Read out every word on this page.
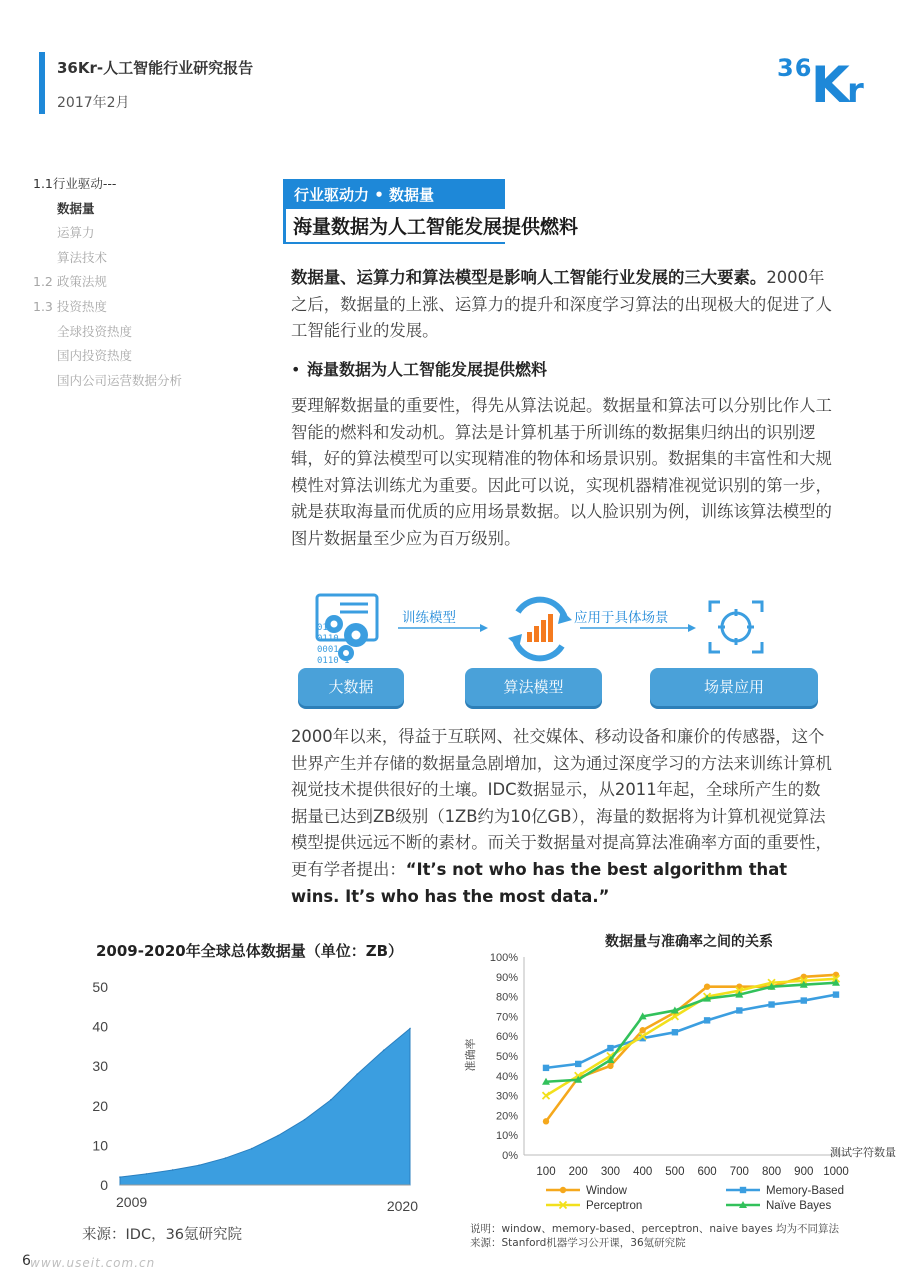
36Kr-人工智能行业研究报告
2017年2月
36
K
r
1.1行业驱动---
数据量
运算力
算法技术
1.2 政策法规
1.3 投资热度
全球投资热度
国内投资热度
国内公司运营数据分析
行业驱动力 • 数据量
海量数据为人工智能发展提供燃料
数据量、运算力和算法模型是影响人工智能行业发展的三大要素。2000年之后，数据量的上涨、运算力的提升和深度学习算法的出现极大的促进了人工智能行业的发展。
• 海量数据为人工智能发展提供燃料
要理解数据量的重要性，得先从算法说起。数据量和算法可以分别比作人工智能的燃料和发动机。算法是计算机基于所训练的数据集归纳出的识别逻辑，好的算法模型可以实现精准的物体和场景识别。数据集的丰富性和大规模性对算法训练尤为重要。因此可以说，实现机器精准视觉识别的第一步，就是获取海量而优质的应用场景数据。以人脸识别为例，训练该算法模型的图片数据量至少应为百万级别。
2000年以来，得益于互联网、社交媒体、移动设备和廉价的传感器，这个世界产生并存储的数据量急剧增加，这为通过深度学习的方法来训练计算机视觉技术提供很好的土壤。IDC数据显示，从2011年起，全球所产生的数据量已达到ZB级别（1ZB约为10亿GB），海量的数据将为计算机视觉算法模型提供远远不断的素材。而关于数据量对提高算法准确率方面的重要性，更有学者提出：“It’s not who has the best algorithm that wins. It’s who has the most data.”
01
0110
0001
0110 1
训练模型	应用于具体场景
大数据	算法模型	场景应用
2009-2020年全球总体数据量（单位：ZB）
0
10
20
30
40
50
2009	2020
来源：IDC，36氪研究院
数据量与准确率之间的关系
0%
10%
20%
30%
40%
50%
60%
70%
80%
90%
100%
100 200 300 400 500 600 700 800 900 1000
准确率
测试字符数量
Window	Memory-Based
Perceptron	Naïve Bayes
说明：window、memory-based、perceptron、naive bayes 均为不同算法
来源：Stanford机器学习公开课，36氪研究院
6 www.useit.com.cn
